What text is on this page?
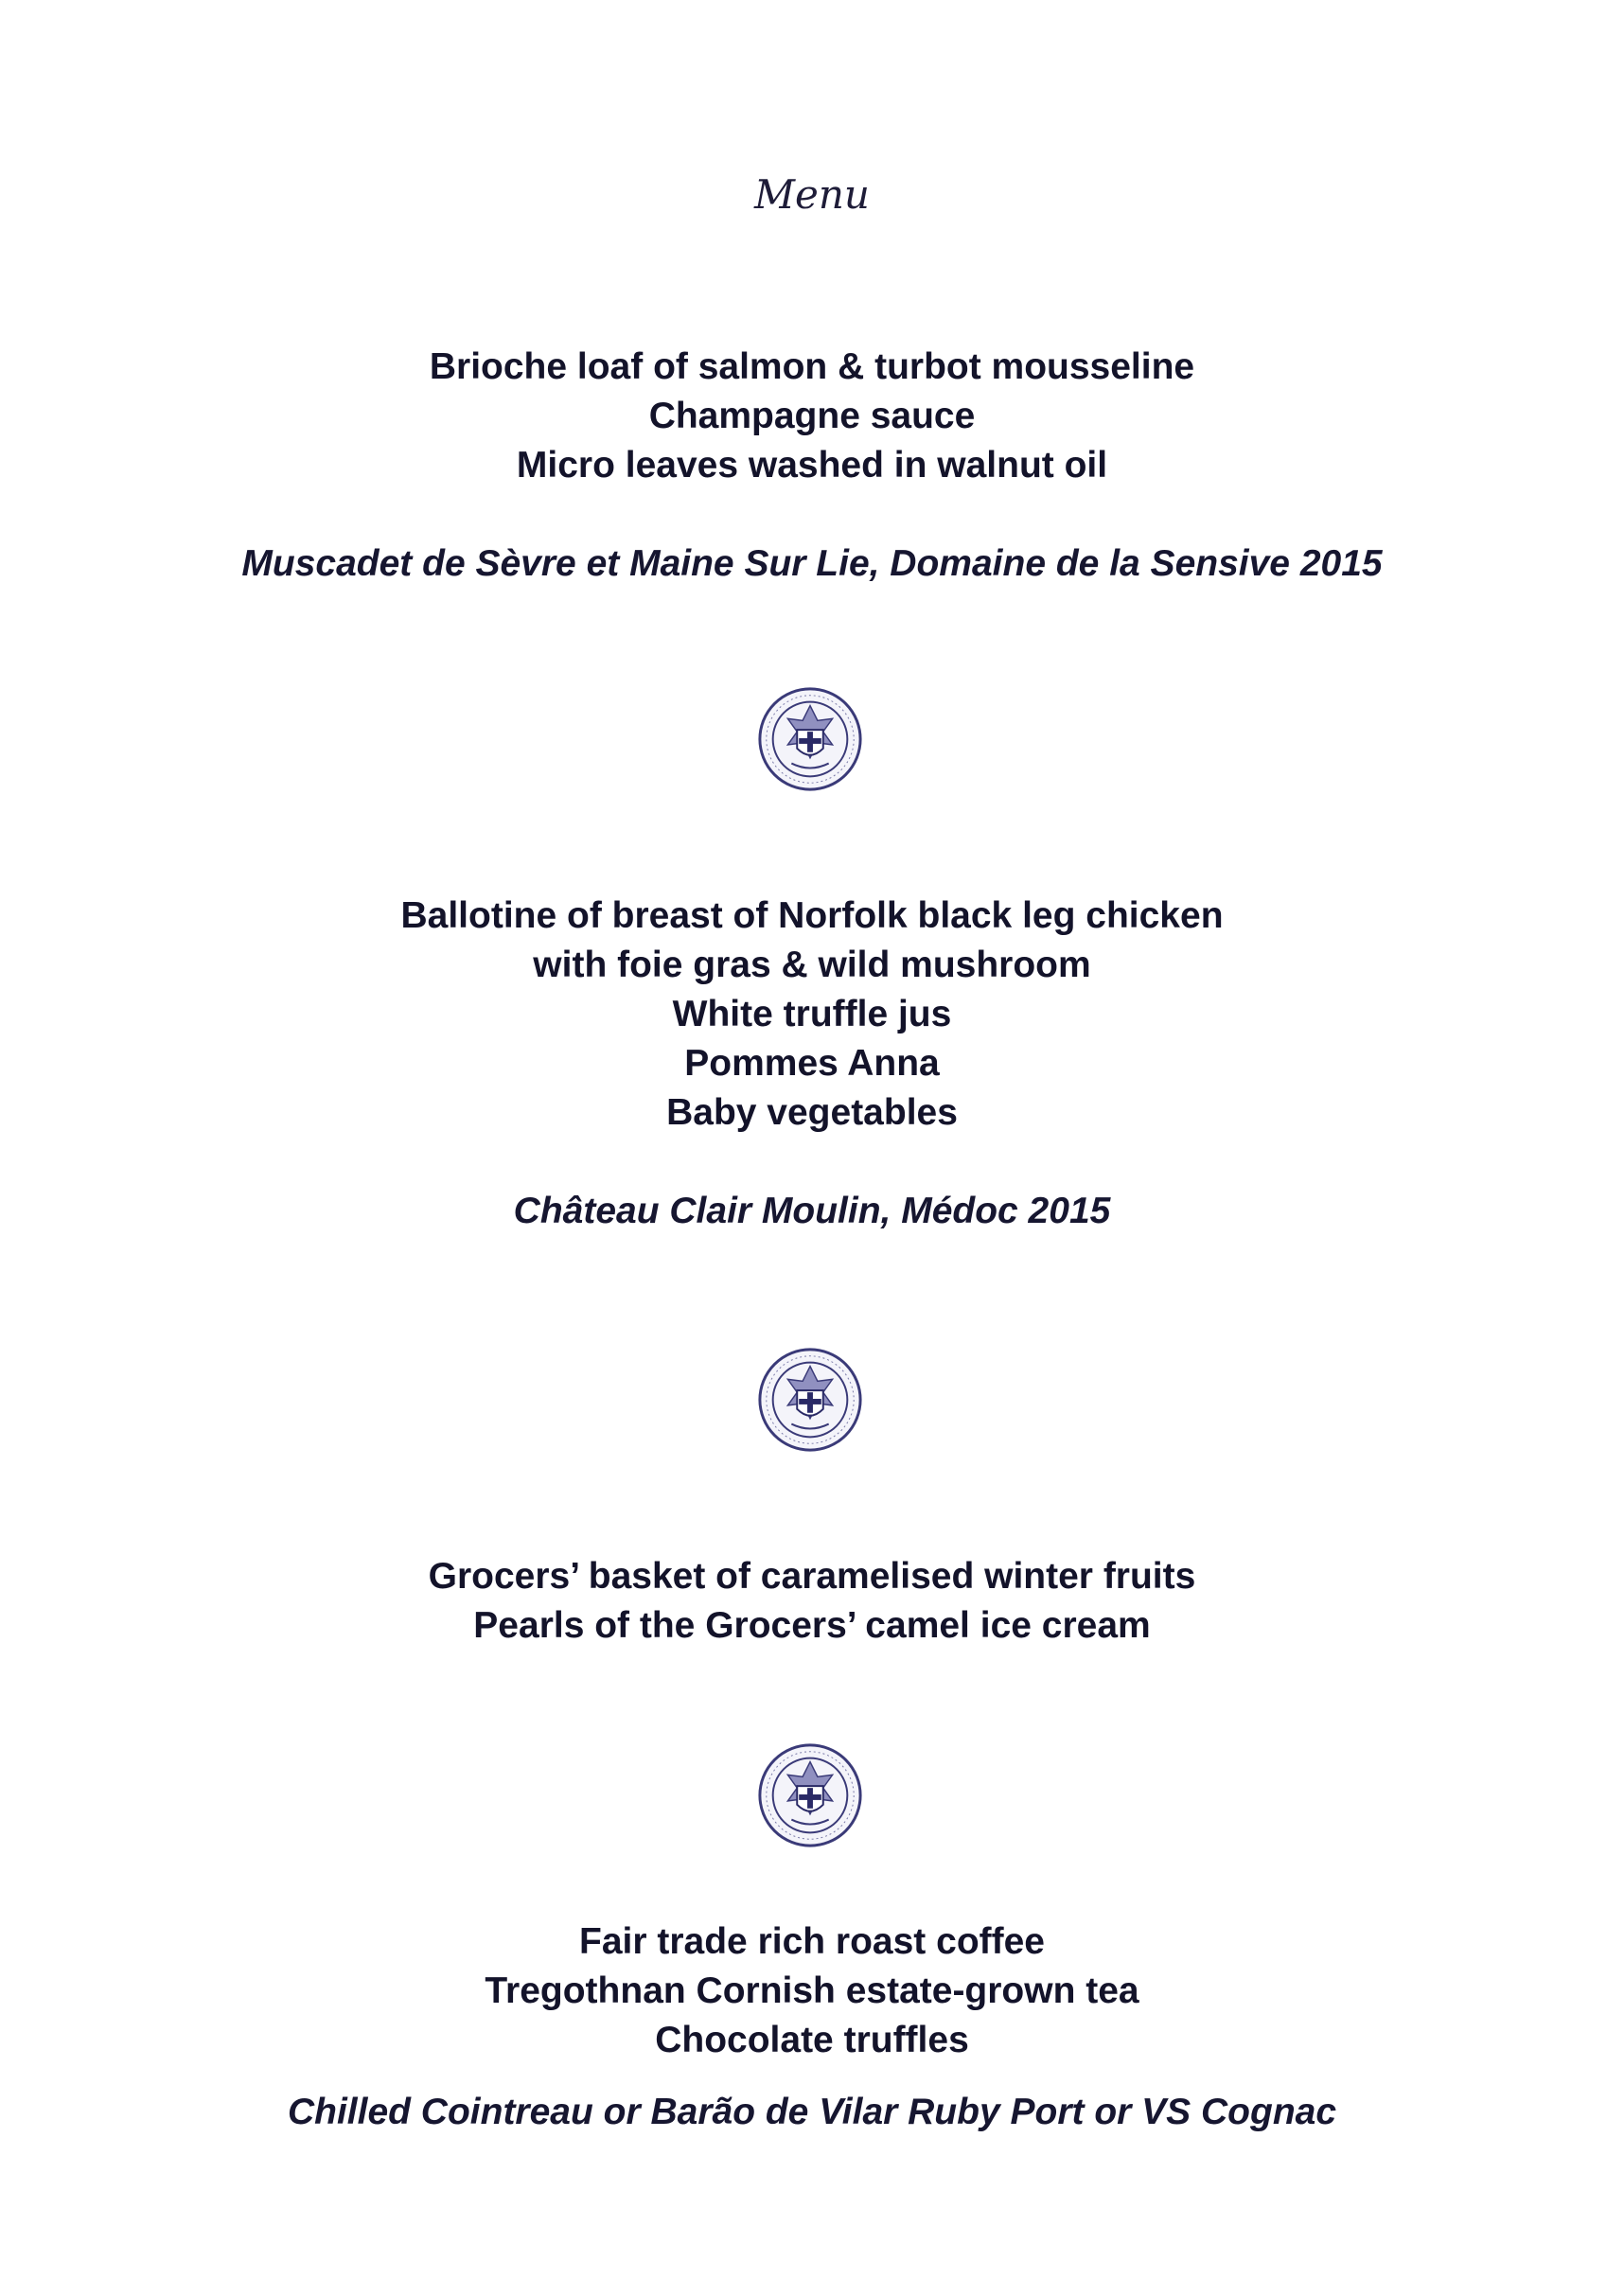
Menu
Brioche loaf of salmon & turbot mousseline
Champagne sauce
Micro leaves washed in walnut oil
Muscadet de Sèvre et Maine Sur Lie, Domaine de la Sensive 2015
Ballotine of breast of Norfolk black leg chicken
with foie gras & wild mushroom
White truffle jus
Pommes Anna
Baby vegetables
Château Clair Moulin, Médoc 2015
Grocers’ basket of caramelised winter fruits
Pearls of the Grocers’ camel ice cream
Fair trade rich roast coffee
Tregothnan Cornish estate-grown tea
Chocolate truffles
Chilled Cointreau or Barão de Vilar Ruby Port or VS Cognac
